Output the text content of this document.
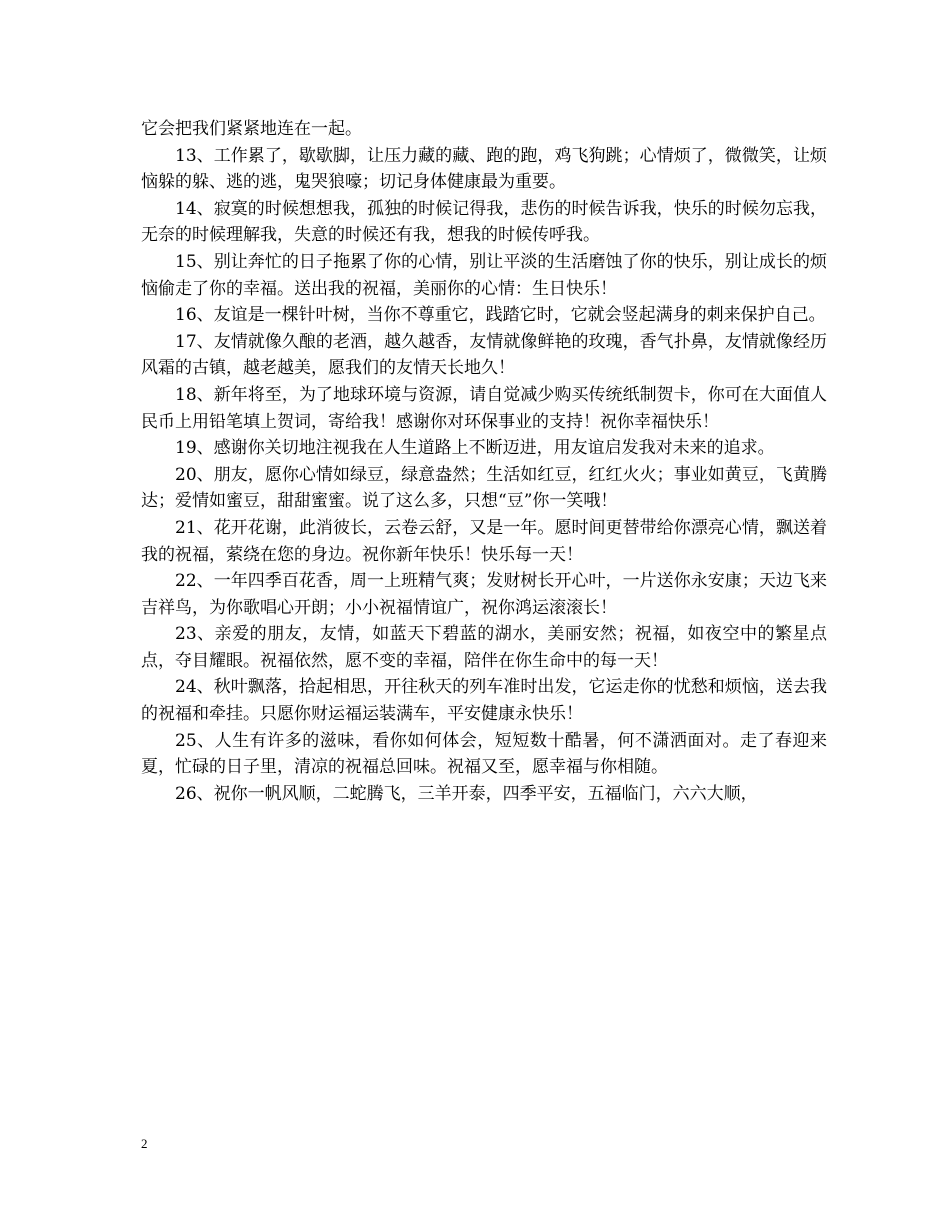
它会把我们紧紧地连在一起。

13、工作累了，歇歇脚，让压力藏的藏、跑的跑，鸡飞狗跳；心情烦了，微微笑，让烦恼躲的躲、逃的逃，鬼哭狼嚎；切记身体健康最为重要。

14、寂寞的时候想想我，孤独的时候记得我，悲伤的时候告诉我，快乐的时候勿忘我，无奈的时候理解我，失意的时候还有我，想我的时候传呼我。

15、别让奔忙的日子拖累了你的心情，别让平淡的生活磨蚀了你的快乐，别让成长的烦恼偷走了你的幸福。送出我的祝福，美丽你的心情：生日快乐！

16、友谊是一棵针叶树，当你不尊重它，践踏它时，它就会竖起满身的刺来保护自己。

17、友情就像久酿的老酒，越久越香，友情就像鲜艳的玫瑰，香气扑鼻，友情就像经历风霜的古镇，越老越美，愿我们的友情天长地久！

18、新年将至，为了地球环境与资源，请自觉减少购买传统纸制贺卡，你可在大面值人民币上用铅笔填上贺词，寄给我！感谢你对环保事业的支持！祝你幸福快乐！

19、感谢你关切地注视我在人生道路上不断迈进，用友谊启发我对未来的追求。

20、朋友，愿你心情如绿豆，绿意盎然；生活如红豆，红红火火；事业如黄豆，飞黄腾达；爱情如蜜豆，甜甜蜜蜜。说了这么多，只想“豆”你一笑哦！

21、花开花谢，此消彼长，云卷云舒，又是一年。愿时间更替带给你漂亮心情，飘送着我的祝福，萦绕在您的身边。祝你新年快乐！快乐每一天！

22、一年四季百花香，周一上班精气爽；发财树长开心叶，一片送你永安康；天边飞来吉祥鸟，为你歌唱心开朗；小小祝福情谊广，祝你鸿运滚滚长！

23、亲爱的朋友，友情，如蓝天下碧蓝的湖水，美丽安然；祝福，如夜空中的繁星点点，夺目耀眼。祝福依然，愿不变的幸福，陪伴在你生命中的每一天！

24、秋叶飘落，拾起相思，开往秋天的列车准时出发，它运走你的忧愁和烦恼，送去我的祝福和牵挂。只愿你财运福运装满车，平安健康永快乐！

25、人生有许多的滋味，看你如何体会，短短数十酷暑，何不潇洒面对。走了春迎来夏，忙碌的日子里，清凉的祝福总回味。祝福又至，愿幸福与你相随。

26、祝你一帆风顺，二蛇腾飞，三羊开泰，四季平安，五福临门，六六大顺，

2
